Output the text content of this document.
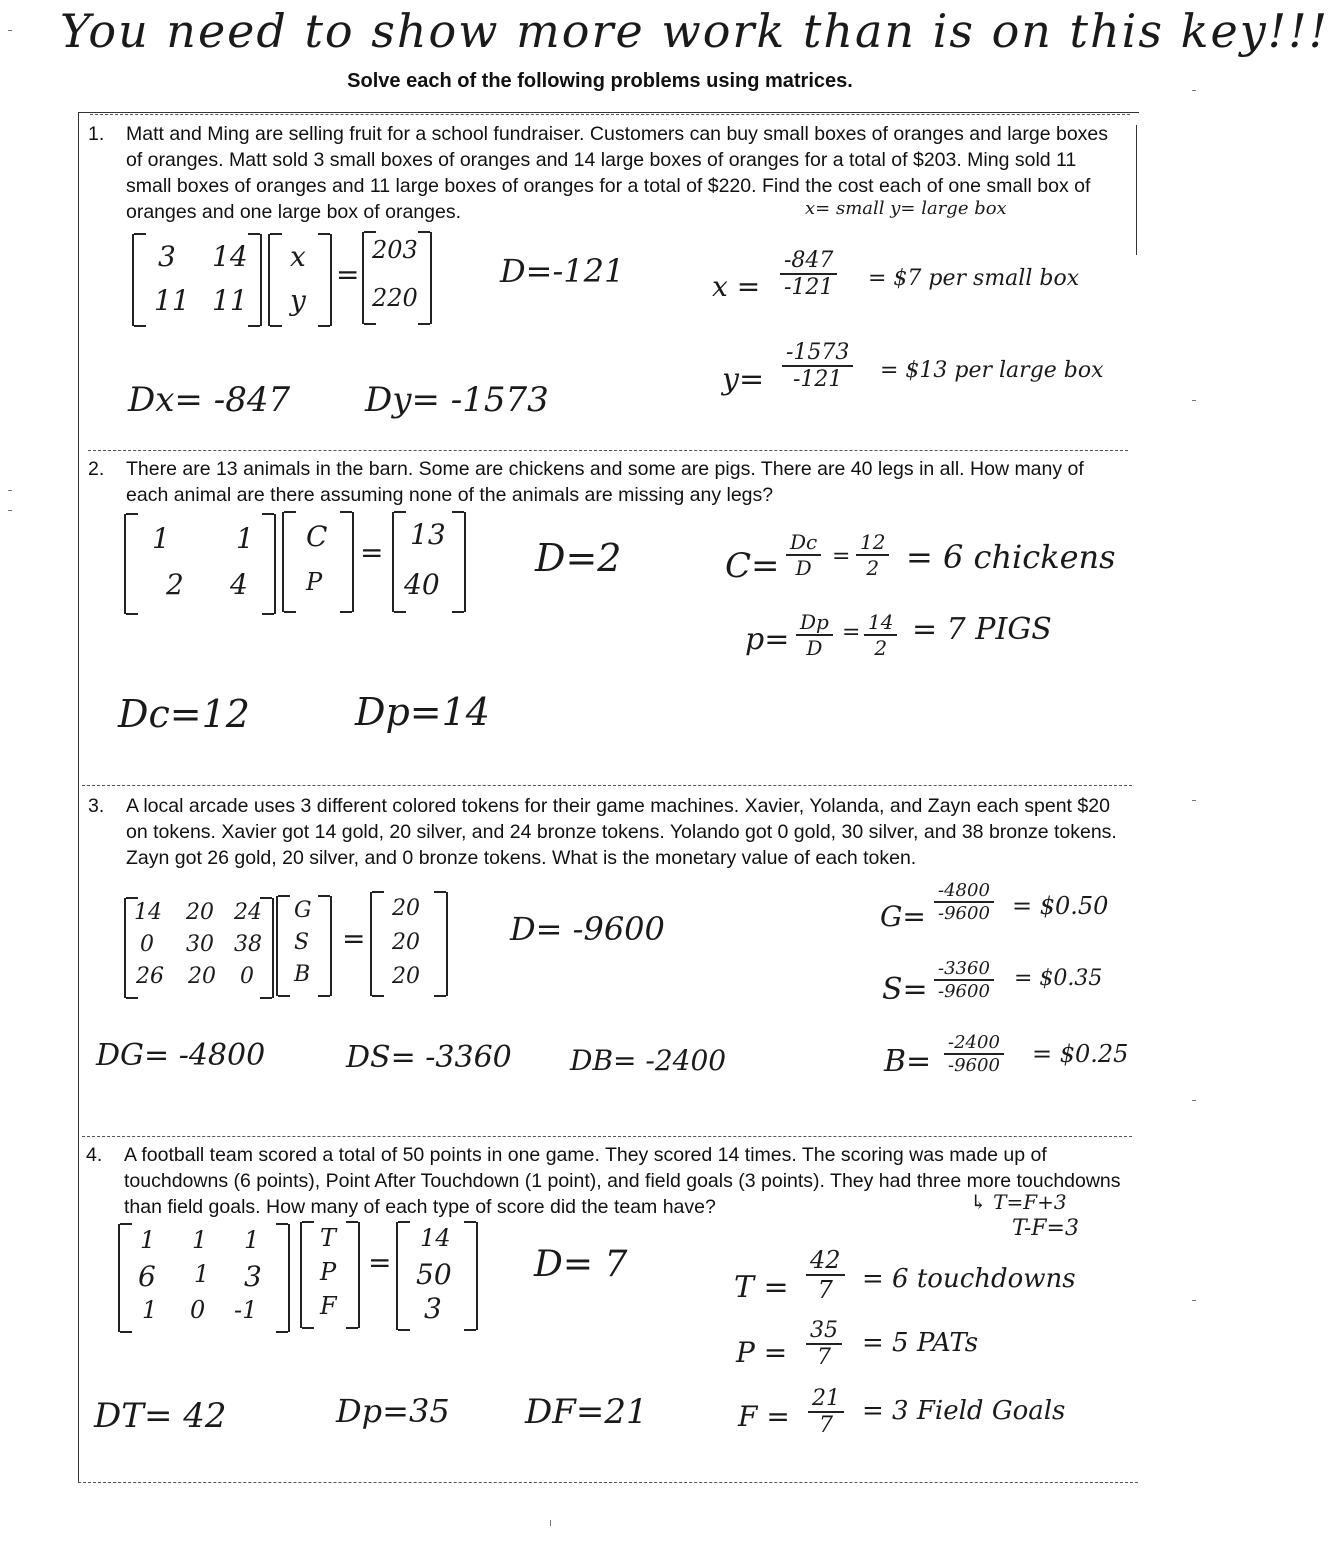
You need to show more work than is on this key!!!
Solve each of the following problems using matrices.
1. Matt and Ming are selling fruit for a school fundraiser. Customers can buy small boxes of oranges and large boxes of oranges. Matt sold 3 small boxes of oranges and 14 large boxes of oranges for a total of $203. Ming sold 11 small boxes of oranges and 11 large boxes of oranges for a total of $220. Find the cost each of one small box of oranges and one large box of oranges.	x= small y= large box
3 14
11 11
x
y
=
203
220
D=-121
Dx= -847 Dy= -1573
$x = \frac{-847}{-121}$ = $7 per small box
$y= \frac{-1573}{-121}$ = $13 per large box
2. There are 13 animals in the barn. Some are chickens and some are pigs. There are 40 legs in all. How many of each animal are there assuming none of the animals are missing any legs?
1 1
2 4
C
P
=
13
40
D=2
Dc=12	Dp=14
$C= \frac{Dc}{D} = \frac{12}{2} = 6$ chickens
$p= \frac{Dp}{D} = \frac{14}{2} = 7$ PIGS
3. A local arcade uses 3 different colored tokens for their game machines. Xavier, Yolanda, and Zayn each spent $20 on tokens. Xavier got 14 gold, 20 silver, and 24 bronze tokens. Yolando got 0 gold, 30 silver, and 38 bronze tokens. Zayn got 26 gold, 20 silver, and 0 bronze tokens. What is the monetary value of each token.
14 20 24
0 30 38
26 20 0
G
S
B
=
20
20
20
D= -9600
DG= -4800	DS= -3360 DB= -2400
$G= \frac{-4800}{-9600}$ = $0.50
$S= \frac{-3360}{-9600}$ = $0.35
$B= \frac{-2400}{-9600}$ = $0.25
4. A football team scored a total of 50 points in one game. They scored 14 times. The scoring was made up of touchdowns (6 points), Point After Touchdown (1 point), and field goals (3 points). They had three more touchdowns than field goals. How many of each type of score did the team have?	↳ T=F+3
T-F=3
1 1 1
6 1 3
1 0 -1
T
P
F
=
14
50
3
D= 7
DT= 42	Dp=35 DF=21
$T = \frac{42}{7} = 6$ touchdowns
$P = \frac{35}{7} = 5$ PATs
$F = \frac{21}{7} = 3$ Field Goals
